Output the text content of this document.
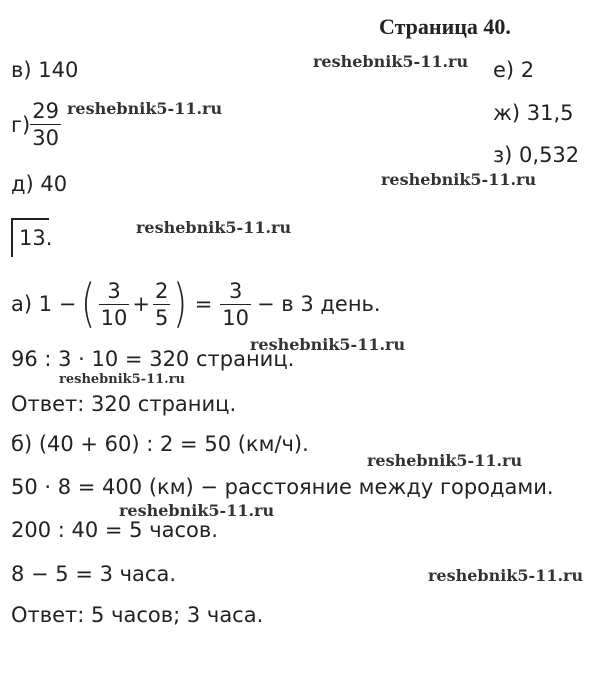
Страница 40.
reshebnik5-11.ru
reshebnik5-11.ru
reshebnik5-11.ru
reshebnik5-11.ru
reshebnik5-11.ru
reshebnik5-11.ru
reshebnik5-11.ru
reshebnik5-11.ru
reshebnik5-11.ru
в) 140
$г) \frac{29}{30}$
д) 40
е) 2
ж) 31,5
з) 0,532
13.
а) 1 − ( $\frac{3}{10} + \frac{2}{5}$ ) = $\frac{3}{10} - в$ 3 день.
96 : 3 · 10 = 320 страниц.
Ответ: 320 страниц.
б) (40 + 60) : 2 = 50 (км/ч).
50 · 8 = 400 (км) − расстояние между городами.
200 : 40 = 5 часов.
8 − 5 = 3 часа.
Ответ: 5 часов; 3 часа.
